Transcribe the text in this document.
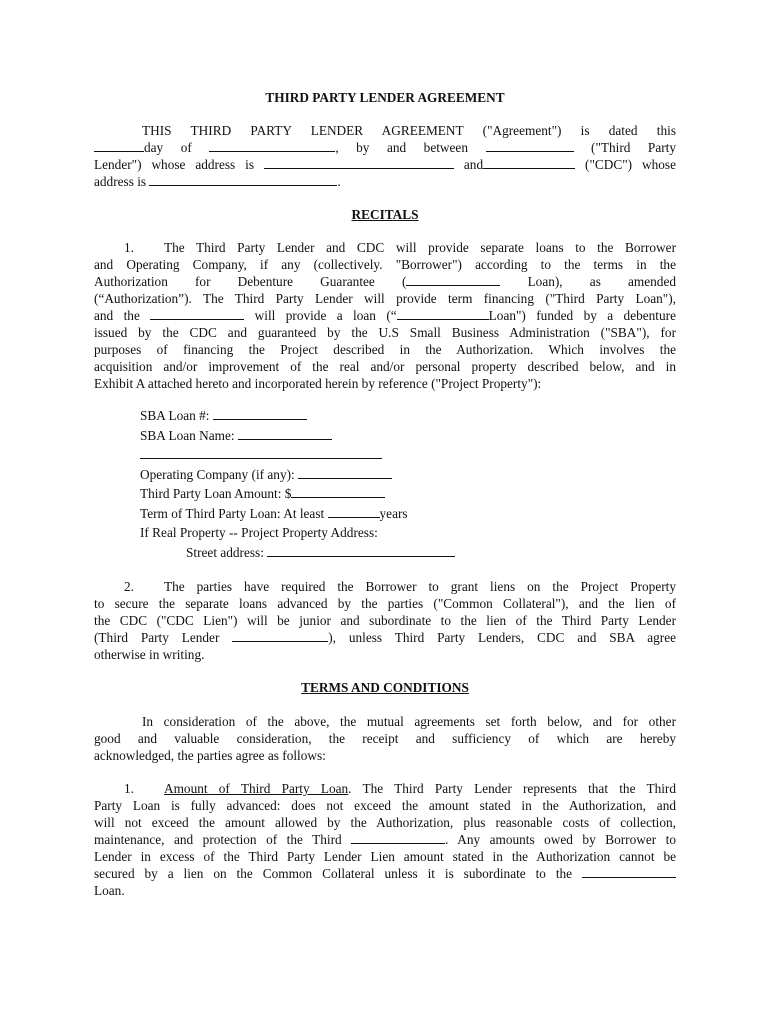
THIRD PARTY LENDER AGREEMENT
THIS THIRD PARTY LENDER AGREEMENT ("Agreement") is dated this
day of	, by and between	("Third Party
Lender") whose address is	and	("CDC") whose
address is	.
RECITALS
1. The Third Party Lender and CDC will provide separate loans to the Borrower
and Operating Company, if any (collectively. "Borrower") according to the terms in the
Authorization for Debenture Guarantee (	Loan), as amended
(“Authorization”). The Third Party Lender will provide term financing ("Third Party Loan"),
and the	will provide a loan (“	Loan") funded by a debenture
issued by the CDC and guaranteed by the U.S Small Business Administration ("SBA"), for
purposes of financing the Project described in the Authorization. Which involves the
acquisition and/or improvement of the real and/or personal property described below, and in
Exhibit A attached hereto and incorporated herein by reference ("Project Property"):
SBA Loan #:
SBA Loan Name:
Operating Company (if any):
Third Party Loan Amount: $
Term of Third Party Loan: At least	years
If Real Property -- Project Property Address:
Street address:
2. The parties have required the Borrower to grant liens on the Project Property
to secure the separate loans advanced by the parties ("Common Collateral"), and the lien of
the CDC ("CDC Lien") will be junior and subordinate to the lien of the Third Party Lender
(Third Party Lender	), unless Third Party Lenders, CDC and SBA agree
otherwise in writing.
TERMS AND CONDITIONS
In consideration of the above, the mutual agreements set forth below, and for other
good and valuable consideration, the receipt and sufficiency of which are hereby
acknowledged, the parties agree as follows:
1. Amount of Third Party Loan. The Third Party Lender represents that the Third
Party Loan is fully advanced: does not exceed the amount stated in the Authorization, and
will not exceed the amount allowed by the Authorization, plus reasonable costs of collection,
maintenance, and protection of the Third	. Any amounts owed by Borrower to
Lender in excess of the Third Party Lender Lien amount stated in the Authorization cannot be
secured by a lien on the Common Collateral unless it is subordinate to the
Loan.
